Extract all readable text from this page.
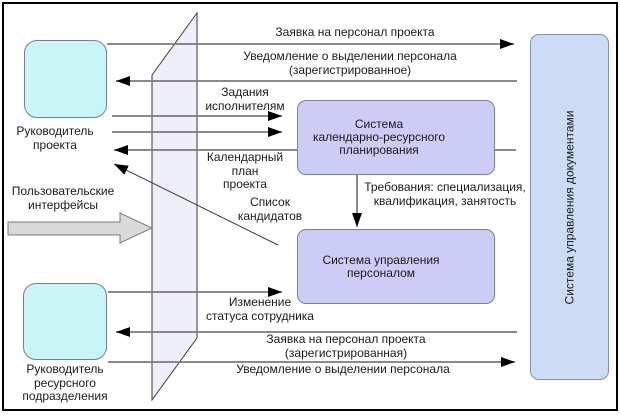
Система
календарно-ресурсного
планирования
Система управления
персоналом	Система управления документами
Руководитель
проекта
Руководитель
ресурсного
подразделения
Пользовательские
интерфейсы
Заявка на персонал проекта
Уведомление о выделении персонала
(зарегистрированное)
Задания
исполнителям
Календарный
план
проекта
Список
кандидатов
Требования: специализация,
квалификация, занятость
Изменение
статуса сотрудника
Заявка на персонал проекта
(зарегистрированная)
Уведомление о выделении персонала
